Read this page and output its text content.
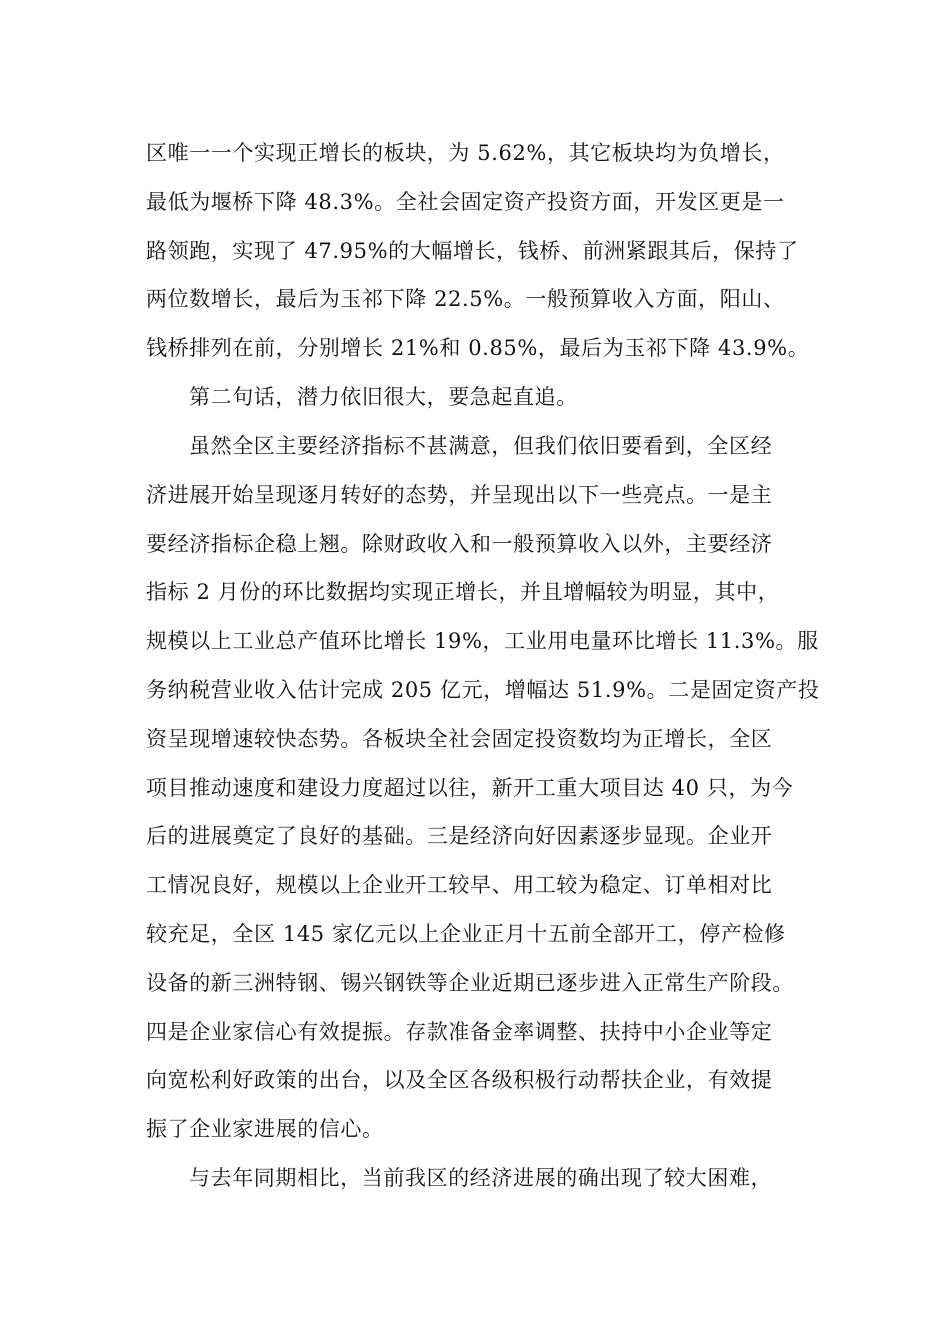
区唯一一个实现正增长的板块，为 5.62%，其它板块均为负增长，
最低为堰桥下降 48.3%。全社会固定资产投资方面，开发区更是一
路领跑，实现了 47.95%的大幅增长，钱桥、前洲紧跟其后，保持了
两位数增长，最后为玉祁下降 22.5%。一般预算收入方面，阳山、
钱桥排列在前，分别增长 21%和 0.85%，最后为玉祁下降 43.9%。
第二句话，潜力依旧很大，要急起直追。
虽然全区主要经济指标不甚满意，但我们依旧要看到，全区经
济进展开始呈现逐月转好的态势，并呈现出以下一些亮点。一是主
要经济指标企稳上翘。除财政收入和一般预算收入以外，主要经济
指标 2 月份的环比数据均实现正增长，并且增幅较为明显，其中，
规模以上工业总产值环比增长 19%，工业用电量环比增长 11.3%。服
务纳税营业收入估计完成 205 亿元，增幅达 51.9%。二是固定资产投
资呈现增速较快态势。各板块全社会固定投资数均为正增长，全区
项目推动速度和建设力度超过以往，新开工重大项目达 40 只，为今
后的进展奠定了良好的基础。三是经济向好因素逐步显现。企业开
工情况良好，规模以上企业开工较早、用工较为稳定、订单相对比
较充足，全区 145 家亿元以上企业正月十五前全部开工，停产检修
设备的新三洲特钢、锡兴钢铁等企业近期已逐步进入正常生产阶段。
四是企业家信心有效提振。存款准备金率调整、扶持中小企业等定
向宽松利好政策的出台，以及全区各级积极行动帮扶企业，有效提
振了企业家进展的信心。
与去年同期相比，当前我区的经济进展的确出现了较大困难，
